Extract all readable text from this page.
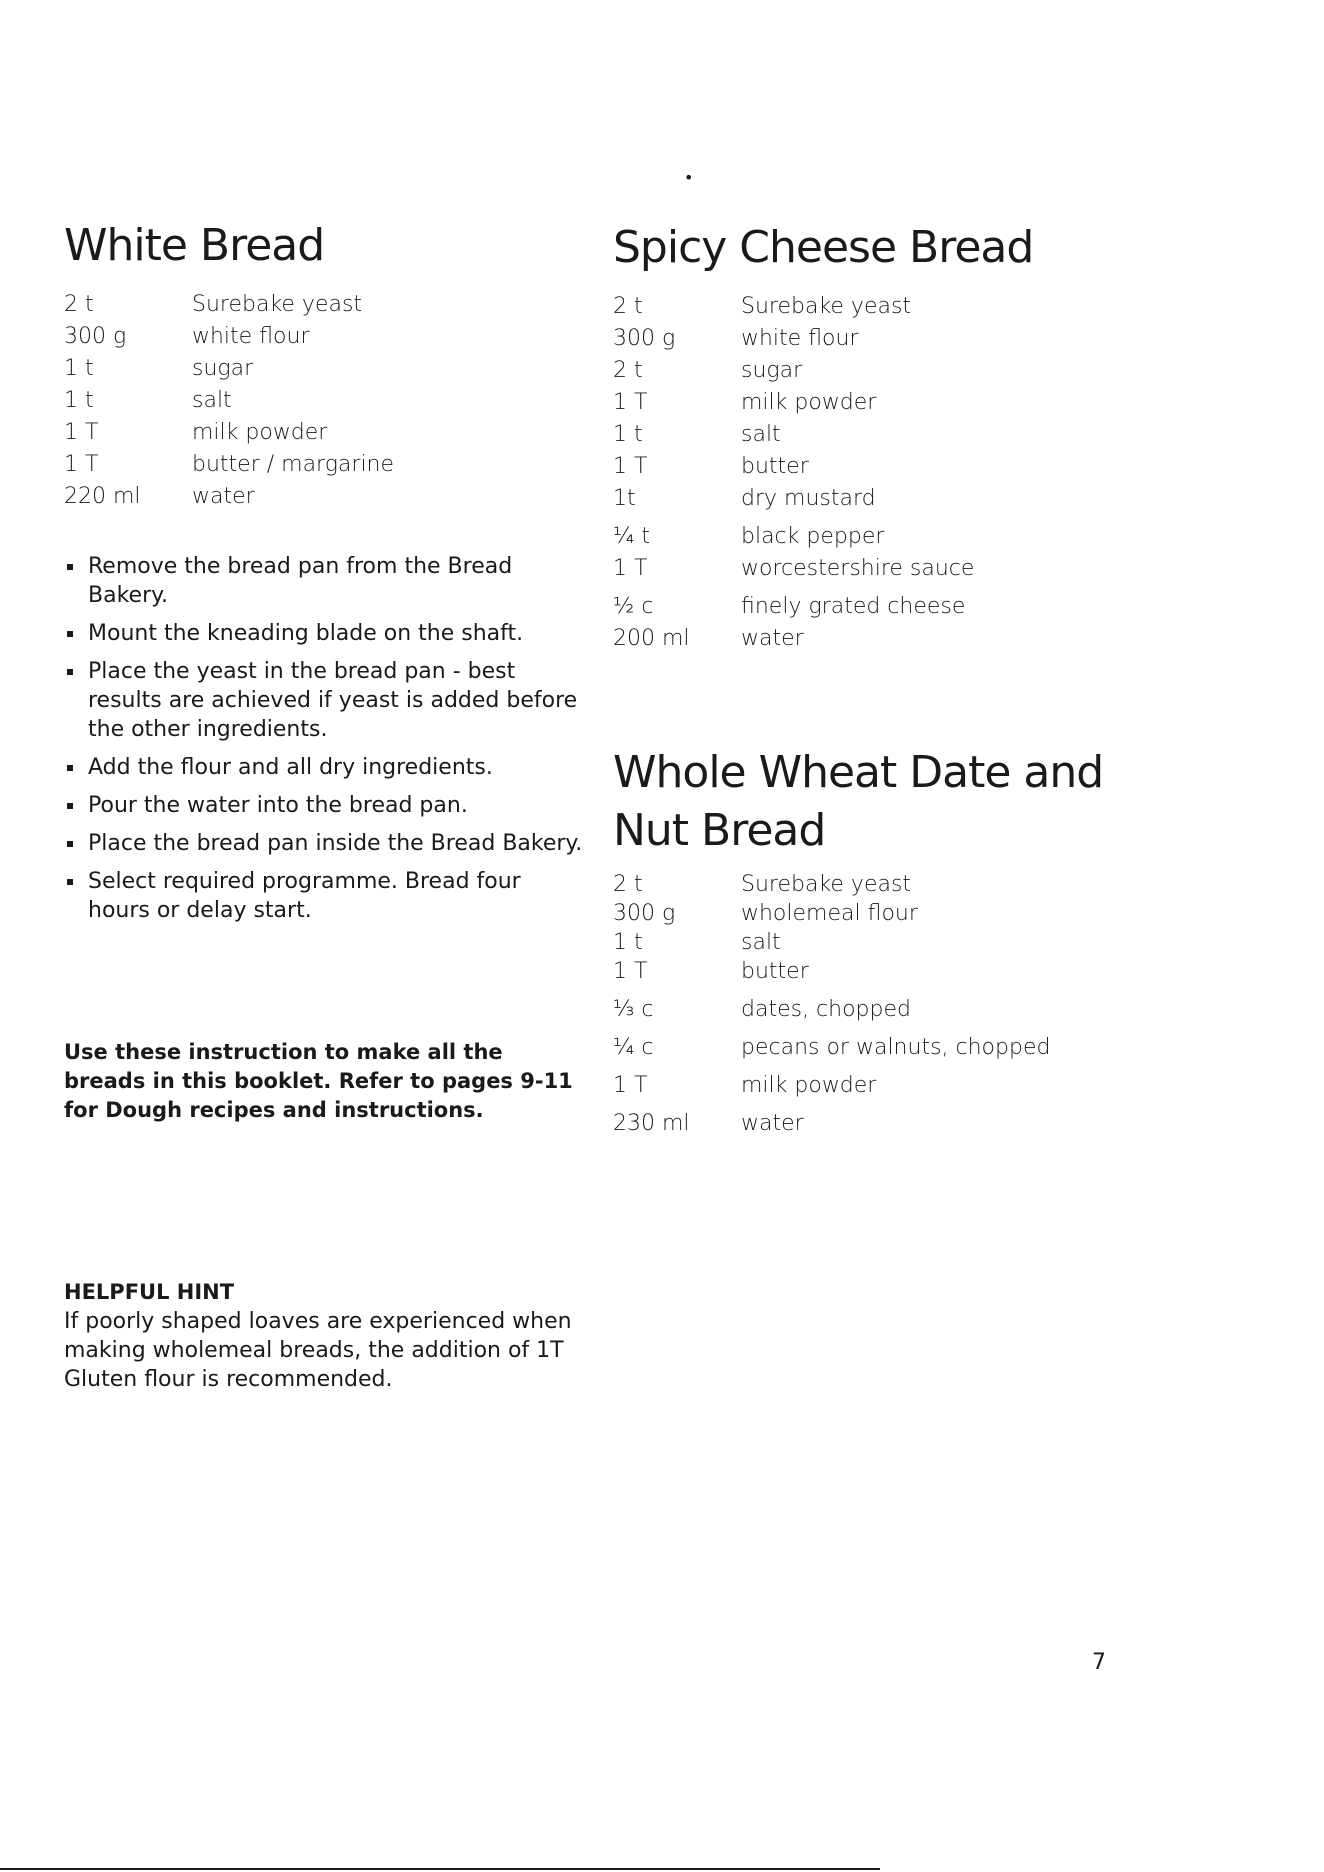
•
White Bread
2 t	Surebake yeast
300 g	white flour
1 t	sugar
1 t	salt
1 T	milk powder
1 T	butter / margarine
220 ml	water
Remove the bread pan from the Bread Bakery.
Mount the kneading blade on the shaft.
Place the yeast in the bread pan - best results are achieved if yeast is added before the other ingredients.
Add the flour and all dry ingredients.
Pour the water into the bread pan.
Place the bread pan inside the Bread Bakery.
Select required programme. Bread four hours or delay start.
Use these instruction to make all the breads in this booklet. Refer to pages 9-11 for Dough recipes and instructions.
HELPFUL HINT
If poorly shaped loaves are experienced when making wholemeal breads, the addition of 1T Gluten flour is recommended.
Spicy Cheese Bread
2 t	Surebake yeast
300 g	white flour
2 t	sugar
1 T	milk powder
1 t	salt
1 T	butter
1t	dry mustard
¼ t	black pepper
1 T	worcestershire sauce
½ c	finely grated cheese
200 ml	water
Whole Wheat Date and Nut Bread
2 t	Surebake yeast
300 g	wholemeal flour
1 t	salt
1 T	butter
⅓ c	dates, chopped
¼ c	pecans or walnuts, chopped
1 T	milk powder
230 ml	water
7
